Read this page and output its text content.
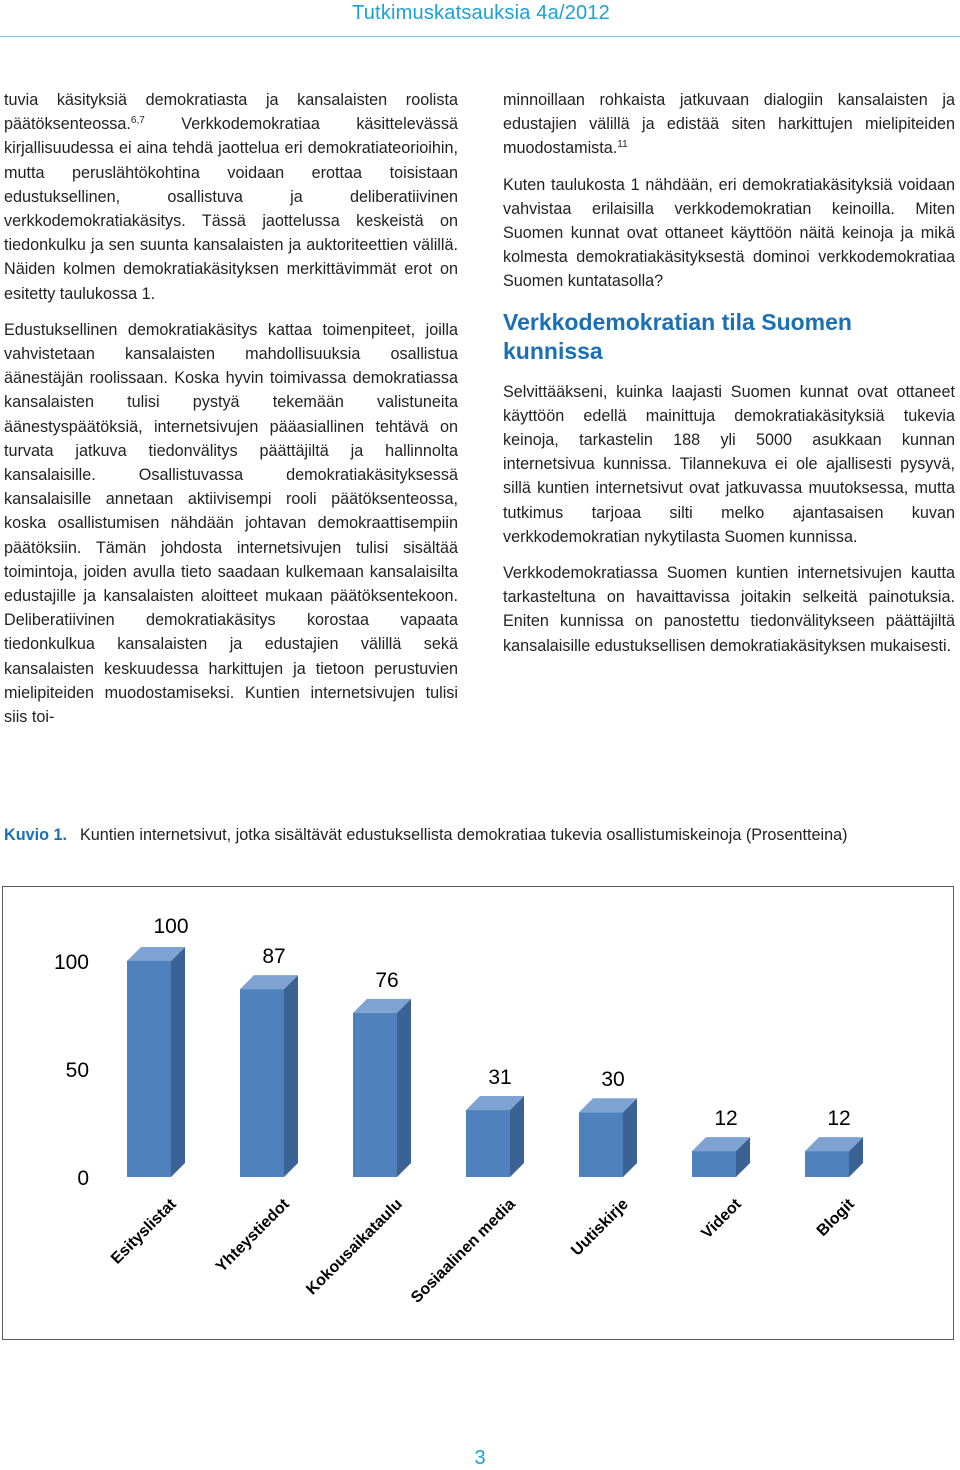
Tutkimuskatsauksia 4a/2012

tuvia käsityksiä demokratiasta ja kansalaisten roolista päätöksenteossa.$^{6,7}$ Verkkodemokratiaa käsittelevässä kirjallisuudessa ei aina tehdä jaottelua eri demokratiateorioihin, mutta peruslähtökohtina voidaan erottaa toisistaan edustuksellinen, osallistuva ja deliberatiivinen verkkodemokratiakäsitys. Tässä jaottelussa keskeistä on tiedonkulku ja sen suunta kansalaisten ja auktoriteettien välillä. Näiden kolmen demokratiakäsityksen merkittävimmät erot on esitetty taulukossa 1.

Edustuksellinen demokratiakäsitys kattaa toimenpiteet, joilla vahvistetaan kansalaisten mahdollisuuksia osallistua äänestäjän roolissaan. Koska hyvin toimivassa demokratiassa kansalaisten tulisi pystyä tekemään valistuneita äänestyspäätöksiä, internetsivujen pääasiallinen tehtävä on turvata jatkuva tiedonvälitys päättäjiltä ja hallinnolta kansalaisille. Osallistuvassa demokratiakäsityksessä kansalaisille annetaan aktiivisempi rooli päätöksenteossa, koska osallistumisen nähdään johtavan demokraattisempiin päätöksiin. Tämän johdosta internetsivujen tulisi sisältää toimintoja, joiden avulla tieto saadaan kulkemaan kansalaisilta edustajille ja kansalaisten aloitteet mukaan päätöksentekoon. Deliberatiivinen demokratiakäsitys korostaa vapaata tiedonkulkua kansalaisten ja edustajien välillä sekä kansalaisten keskuudessa harkittujen ja tietoon perustuvien mielipiteiden muodostamiseksi. Kuntien internetsivujen tulisi siis toi-

minnoillaan rohkaista jatkuvaan dialogiin kansalaisten ja edustajien välillä ja edistää siten harkittujen mielipiteiden muodostamista.$^{11}$

Kuten taulukosta 1 nähdään, eri demokratiakäsityksiä voidaan vahvistaa erilaisilla verkkodemokratian keinoilla. Miten Suomen kunnat ovat ottaneet käyttöön näitä keinoja ja mikä kolmesta demokratiakäsityksestä dominoi verkkodemokratiaa Suomen kuntatasolla?

Verkkodemokratian tila Suomen kunnissa

Selvittääkseni, kuinka laajasti Suomen kunnat ovat ottaneet käyttöön edellä mainittuja demokratiakäsityksiä tukevia keinoja, tarkastelin 188 yli 5000 asukkaan kunnan internetsivua kunnissa. Tilannekuva ei ole ajallisesti pysyvä, sillä kuntien internetsivut ovat jatkuvassa muutoksessa, mutta tutkimus tarjoaa silti melko ajantasaisen kuvan verkkodemokratian nykytilasta Suomen kunnissa.

Verkkodemokratiassa Suomen kuntien internetsivujen kautta tarkasteltuna on havaittavissa joitakin selkeitä painotuksia. Eniten kunnissa on panostettu tiedonvälitykseen päättäjiltä kansalaisille edustuksellisen demokratiakäsityksen mukaisesti.

Kuvio 1. Kuntien internetsivut, jotka sisältävät edustuksellista demokratiaa tukevia osallistumiskeinoja (Prosentteina)
0
50
100
100
Esityslistat
87
Yhteystiedot
76
Kokousaikataulu
31
Sosiaalinen media
30
Uutiskirje
12
Videot
12
Blogit
3
